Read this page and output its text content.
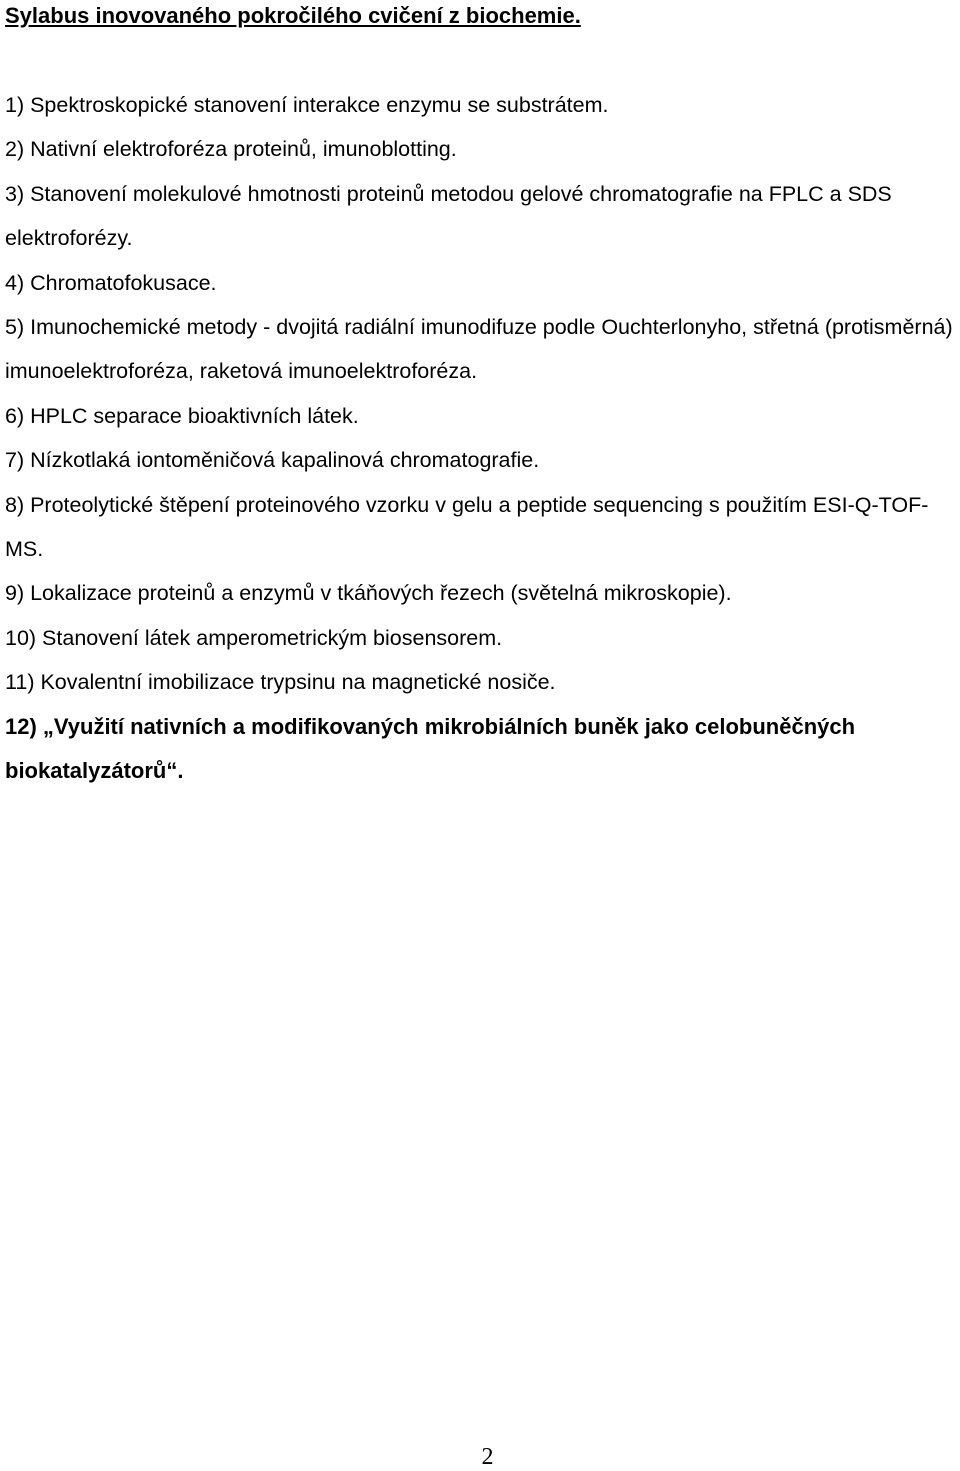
Sylabus inovovaného pokročilého cvičení z biochemie.
1) Spektroskopické stanovení interakce enzymu se substrátem.
2) Nativní elektroforéza proteinů, imunoblotting.
3) Stanovení molekulové hmotnosti proteinů metodou gelové chromatografie na FPLC a SDS elektroforézy.
4) Chromatofokusace.
5) Imunochemické metody - dvojitá radiální imunodifuze podle Ouchterlonyho, střetná (protisměrná) imunoelektroforéza, raketová imunoelektroforéza.
6) HPLC separace bioaktivních látek.
7) Nízkotlaká iontoměničová kapalinová chromatografie.
8) Proteolytické štěpení proteinového vzorku v gelu a peptide sequencing s použitím ESI-Q-TOF-MS.
9) Lokalizace proteinů a enzymů v tkáňových řezech (světelná mikroskopie).
10) Stanovení látek amperometrickým biosensorem.
11) Kovalentní imobilizace trypsinu na magnetické nosiče.
12) „Využití nativních a modifikovaných mikrobiálních buněk jako celobuněčných biokatalyzátorů“.
2
